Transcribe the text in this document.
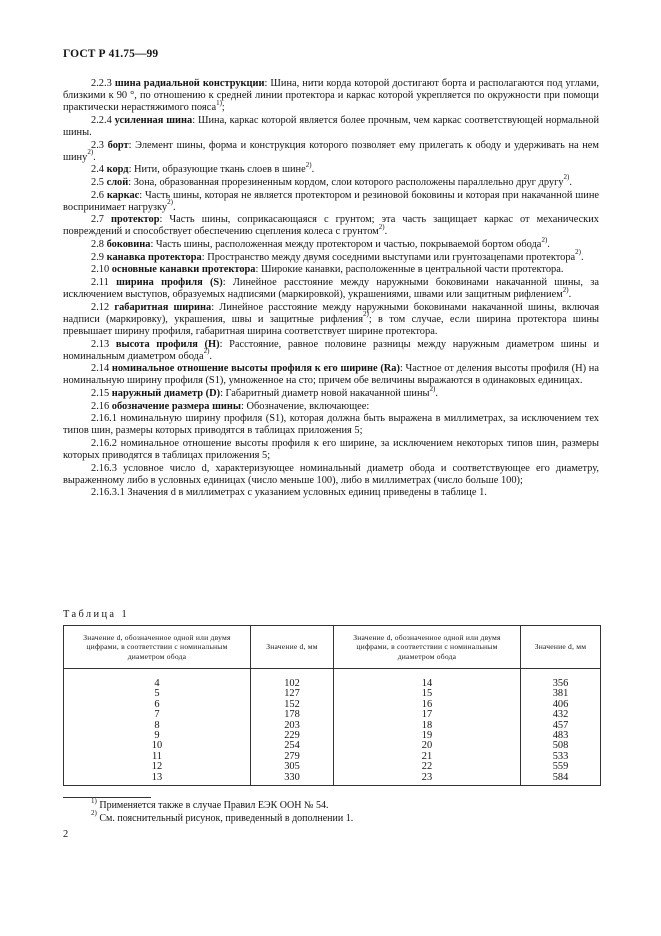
ГОСТ Р 41.75—99

2.2.3 шина радиальной конструкции: Шина, нити корда которой достигают борта и располагаются под углами, близкими к 90 °, по отношению к средней линии протектора и каркас которой укрепляется по окружности при помощи практически нерастяжимого пояса$^{1)}$;

2.2.4 усиленная шина: Шина, каркас которой является более прочным, чем каркас соответствующей нормальной шины.

2.3 борт: Элемент шины, форма и конструкция которого позволяет ему прилегать к ободу и удерживать на нем шину$^{2)}$.

2.4 корд: Нити, образующие ткань слоев в шине$^{2)}$.

2.5 слой: Зона, образованная прорезиненным кордом, слои которого расположены параллельно друг другу$^{2)}$.

2.6 каркас: Часть шины, которая не является протектором и резиновой боковины и которая при накачанной шине воспринимает нагрузку$^{2)}$.

2.7 протектор: Часть шины, соприкасающаяся с грунтом; эта часть защищает каркас от механических повреждений и способствует обеспечению сцепления колеса с грунтом$^{2)}$.

2.8 боковина: Часть шины, расположенная между протектором и частью, покрываемой бортом обода$^{2)}$.

2.9 канавка протектора: Пространство между двумя соседними выступами или грунтозацепами протектора$^{2)}$.

2.10 основные канавки протектора: Широкие канавки, расположенные в центральной части протектора.

2.11 ширина профиля (S): Линейное расстояние между наружными боковинами накачанной шины, за исключением выступов, образуемых надписями (маркировкой), украшениями, швами или защитным рифлением$^{2)}$.

2.12 габаритная ширина: Линейное расстояние между наружными боковинами накачанной шины, включая надписи (маркировку), украшения, швы и защитные рифления$^{2)}$; в том случае, если ширина протектора шины превышает ширину профиля, габаритная ширина соответствует ширине протектора.

2.13 высота профиля (H): Расстояние, равное половине разницы между наружным диаметром шины и номинальным диаметром обода$^{2)}$.

2.14 номинальное отношение высоты профиля к его ширине (Ra): Частное от деления высоты профиля (H) на номинальную ширину профиля (S1), умноженное на сто; причем обе величины выражаются в одинаковых единицах.

2.15 наружный диаметр (D): Габаритный диаметр новой накачанной шины$^{2)}$.

2.16 обозначение размера шины: Обозначение, включающее:

2.16.1 номинальную ширину профиля (S1), которая должна быть выражена в миллиметрах, за исключением тех типов шин, размеры которых приводятся в таблицах приложения 5;

2.16.2 номинальное отношение высоты профиля к его ширине, за исключением некоторых типов шин, размеры которых приводятся в таблицах приложения 5;

2.16.3 условное число d, характеризующее номинальный диаметр обода и соответствующее его диаметру, выраженному либо в условных единицах (число меньше 100), либо в миллиметрах (число больше 100);

2.16.3.1 Значения d в миллиметрах с указанием условных единиц приведены в таблице 1.

Таблица 1
Значение d, обозначенное одной или двумя цифрами, в соответствии с номинальным диаметром обода	Значение d, мм	Значение d, обозначенное одной или двумя цифрами, в соответствии с номинальным диаметром обода	Значение d, мм
4	102	14	356
5	127	15	381
6	152	16	406
7	178	17	432
8	203	18	457
9	229	19	483
10	254	20	508
11	279	21	533
12	305	22	559
13	330	23	584
$^{1)}$ Применяется также в случае Правил ЕЭК ООН № 54.
$^{2)}$ См. пояснительный рисунок, приведенный в дополнении 1.
2
